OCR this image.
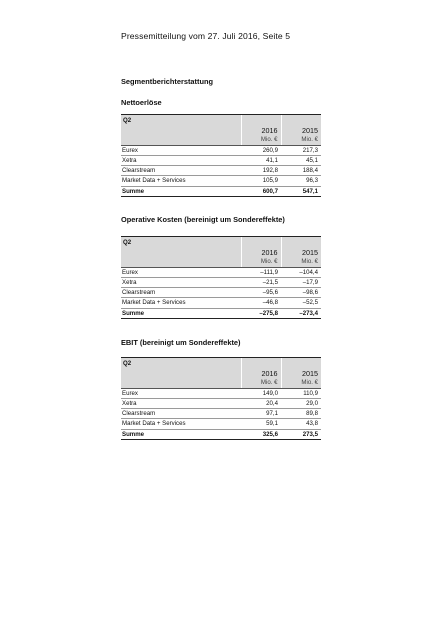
Pressemitteilung vom 27. Juli 2016, Seite 5
Segmentberichterstattung
Nettoerlöse
Q2		
	2016	2015
	Mio. €	Mio. €
Eurex	260,9	217,3
Xetra	41,1	45,1
Clearstream	192,8	188,4
Market Data + Services	105,9	96,3
Summe	600,7	547,1
Operative Kosten (bereinigt um Sondereffekte)
Q2		
	2016	2015
	Mio. €	Mio. €
Eurex	–111,9	–104,4
Xetra	–21,5	–17,9
Clearstream	–95,6	–98,6
Market Data + Services	–46,8	–52,5
Summe	–275,8	–273,4
EBIT (bereinigt um Sondereffekte)
Q2		
	2016	2015
	Mio. €	Mio. €
Eurex	149,0	110,9
Xetra	20,4	29,0
Clearstream	97,1	89,8
Market Data + Services	59,1	43,8
Summe	325,6	273,5
